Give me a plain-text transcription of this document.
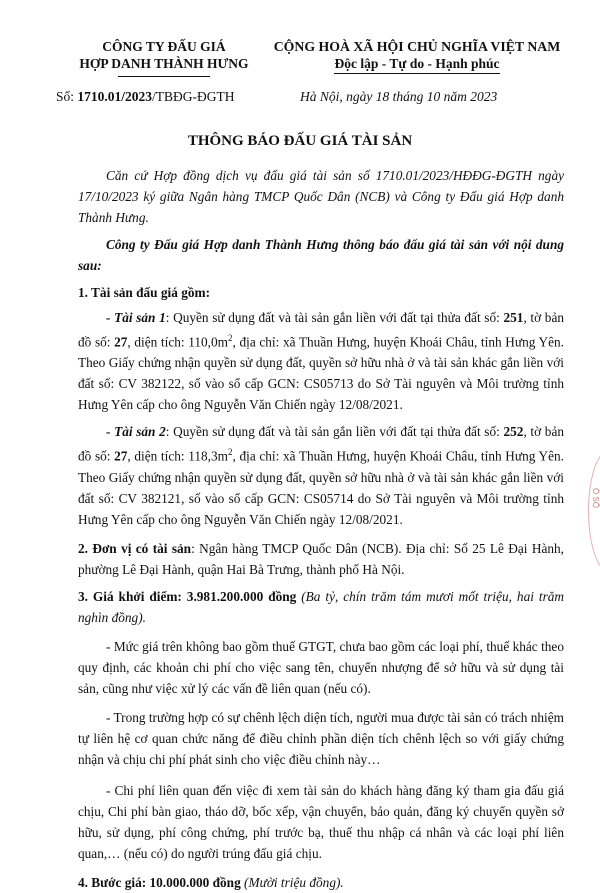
CÔNG TY ĐẤU GIÁ
HỢP DANH THÀNH HƯNG
CỘNG HOÀ XÃ HỘI CHỦ NGHĨA VIỆT NAM
Độc lập - Tự do - Hạnh phúc
Số: 1710.01/2023/TBĐG-ĐGTH	Hà Nội, ngày 18 tháng 10 năm 2023
THÔNG BÁO ĐẤU GIÁ TÀI SẢN

Căn cứ Hợp đồng dịch vụ đấu giá tài sản số 1710.01/2023/HĐĐG-ĐGTH ngày 17/10/2023 ký giữa Ngân hàng TMCP Quốc Dân (NCB) và Công ty Đấu giá Hợp danh Thành Hưng.

Công ty Đấu giá Hợp danh Thành Hưng thông báo đấu giá tài sản với nội dung sau:

1. Tài sản đấu giá gồm:

- Tài sản 1: Quyền sử dụng đất và tài sản gắn liền với đất tại thửa đất số: 251, tờ bản đồ số: 27, diện tích: $110,0m^2$, địa chỉ: xã Thuần Hưng, huyện Khoái Châu, tỉnh Hưng Yên. Theo Giấy chứng nhận quyền sử dụng đất, quyền sở hữu nhà ở và tài sản khác gắn liền với đất số: CV 382122, số vào sổ cấp GCN: CS05713 do Sở Tài nguyên và Môi trường tỉnh Hưng Yên cấp cho ông Nguyễn Văn Chiến ngày 12/08/2021.

- Tài sản 2: Quyền sử dụng đất và tài sản gắn liền với đất tại thửa đất số: 252, tờ bản đồ số: 27, diện tích: $118,3m^2$, địa chỉ: xã Thuần Hưng, huyện Khoái Châu, tỉnh Hưng Yên. Theo Giấy chứng nhận quyền sử dụng đất, quyền sở hữu nhà ở và tài sản khác gắn liền với đất số: CV 382121, số vào sổ cấp GCN: CS05714 do Sở Tài nguyên và Môi trường tỉnh Hưng Yên cấp cho ông Nguyễn Văn Chiến ngày 12/08/2021.

2. Đơn vị có tài sản: Ngân hàng TMCP Quốc Dân (NCB). Địa chỉ: Số 25 Lê Đại Hành, phường Lê Đại Hành, quận Hai Bà Trưng, thành phố Hà Nội.

3. Giá khởi điểm: 3.981.200.000 đồng (Ba tỷ, chín trăm tám mươi mốt triệu, hai trăm nghìn đồng).

- Mức giá trên không bao gồm thuế GTGT, chưa bao gồm các loại phí, thuế khác theo quy định, các khoản chi phí cho việc sang tên, chuyển nhượng để sở hữu và sử dụng tài sản, cũng như việc xử lý các vấn đề liên quan (nếu có).

- Trong trường hợp có sự chênh lệch diện tích, người mua được tài sản có trách nhiệm tự liên hệ cơ quan chức năng để điều chỉnh phần diện tích chênh lệch so với giấy chứng nhận và chịu chi phí phát sinh cho việc điều chỉnh này…

- Chi phí liên quan đến việc đi xem tài sản do khách hàng đăng ký tham gia đấu giá chịu, Chi phí bàn giao, tháo dỡ, bốc xếp, vận chuyển, bảo quản, đăng ký chuyển quyền sở hữu, sử dụng, phí công chứng, phí trước bạ, thuế thu nhập cá nhân và các loại phí liên quan,… (nếu có) do người trúng đấu giá chịu.

4. Bước giá: 10.000.000 đồng (Mười triệu đồng).

Ô SỐ
